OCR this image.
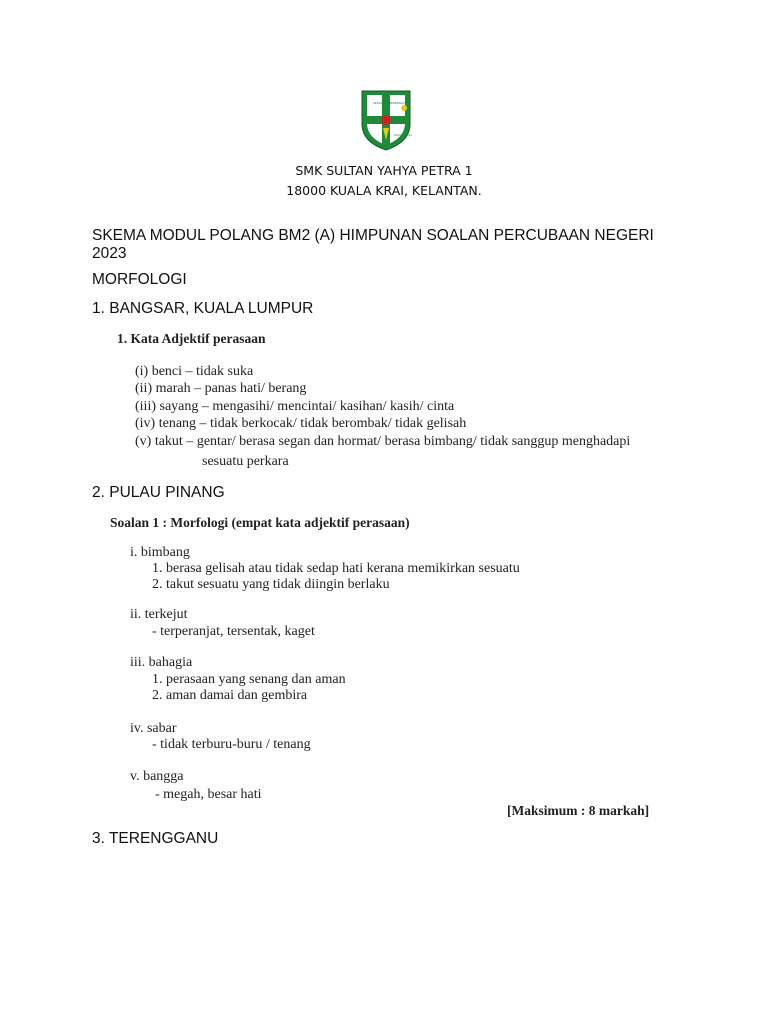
SEKOLAH MENENGAH
KUALA KRAI
SMK SULTAN YAHYA PETRA 1
18000 KUALA KRAI, KELANTAN.
SKEMA MODUL POLANG BM2 (A) HIMPUNAN SOALAN PERCUBAAN NEGERI
2023
MORFOLOGI
1. BANGSAR, KUALA LUMPUR
1. Kata Adjektif perasaan
(i) benci – tidak suka
(ii) marah – panas hati/ berang
(iii) sayang – mengasihi/ mencintai/ kasihan/ kasih/ cinta
(iv) tenang – tidak berkocak/ tidak berombak/ tidak gelisah
(v) takut – gentar/ berasa segan dan hormat/ berasa bimbang/ tidak sanggup menghadapi
sesuatu perkara
2. PULAU PINANG
Soalan 1 : Morfologi (empat kata adjektif perasaan)
i. bimbang
1. berasa gelisah atau tidak sedap hati kerana memikirkan sesuatu
2. takut sesuatu yang tidak diingin berlaku
ii. terkejut
- terperanjat, tersentak, kaget
iii. bahagia
1. perasaan yang senang dan aman
2. aman damai dan gembira
iv. sabar
- tidak terburu-buru / tenang
v. bangga
- megah, besar hati
[Maksimum : 8 markah]
3. TERENGGANU
